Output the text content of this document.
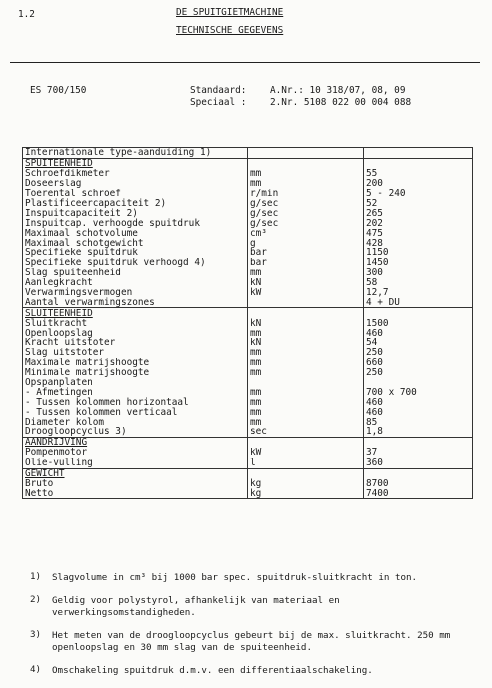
1.2	DE SPUITGIETMACHINE
TECHNISCHE GEGEVENS
ES 700/150	Standaard:	A.Nr.: 10 318/07, 08, 09
Speciaal :	2.Nr. 5108 022 00 004 088
Internationale type-aanduiding 1)		
SPUITEENHEID		
Schroefdikmeter	mm	55
Doseerslag	mm	200
Toerental schroef	r/min	5 - 240
Plastificeercapaciteit 2)	g/sec	52
Inspuitcapaciteit 2)	g/sec	265
Inspuitcap. verhoogde spuitdruk	g/sec	202
Maximaal schotvolume	cm³	475
Maximaal schotgewicht	g	428
Specifieke spuitdruk	bar	1150
Specifieke spuitdruk verhoogd 4)	bar	1450
Slag spuiteenheid	mm	300
Aanlegkracht	kN	58
Verwarmingsvermogen	kW	12,7
Aantal verwarmingszones		4 + DÜ
SLUITEENHEID		
Sluitkracht	kN	1500
Openloopslag	mm	460
Kracht uitstoter	kN	54
Slag uitstoter	mm	250
Maximale matrijshoogte	mm	660
Minimale matrijshoogte	mm	250
Opspanplaten		
- Afmetingen	mm	700 x 700
- Tussen kolommen horizontaal	mm	460
- Tussen kolommen verticaal	mm	460
Diameter kolom	mm	85
Droogloopcyclus 3)	sec	1,8
AANDRIJVING		
Pompenmotor	kW	37
Olie-vulling	l	360
GEWICHT		
Bruto	kg	8700
Netto	kg	7400
1)	Slagvolume in cm³ bij 1000 bar spec. spuitdruk-sluitkracht in ton.
2)	Geldig voor polystyrol, afhankelijk van materiaal en verwerkingsomstandigheden.
3)	Het meten van de droogloopcyclus gebeurt bij de max. sluitkracht. 250 mm openloopslag en 30 mm slag van de spuiteenheid.
4)	Omschakeling spuitdruk d.m.v. een differentiaalschakeling.
